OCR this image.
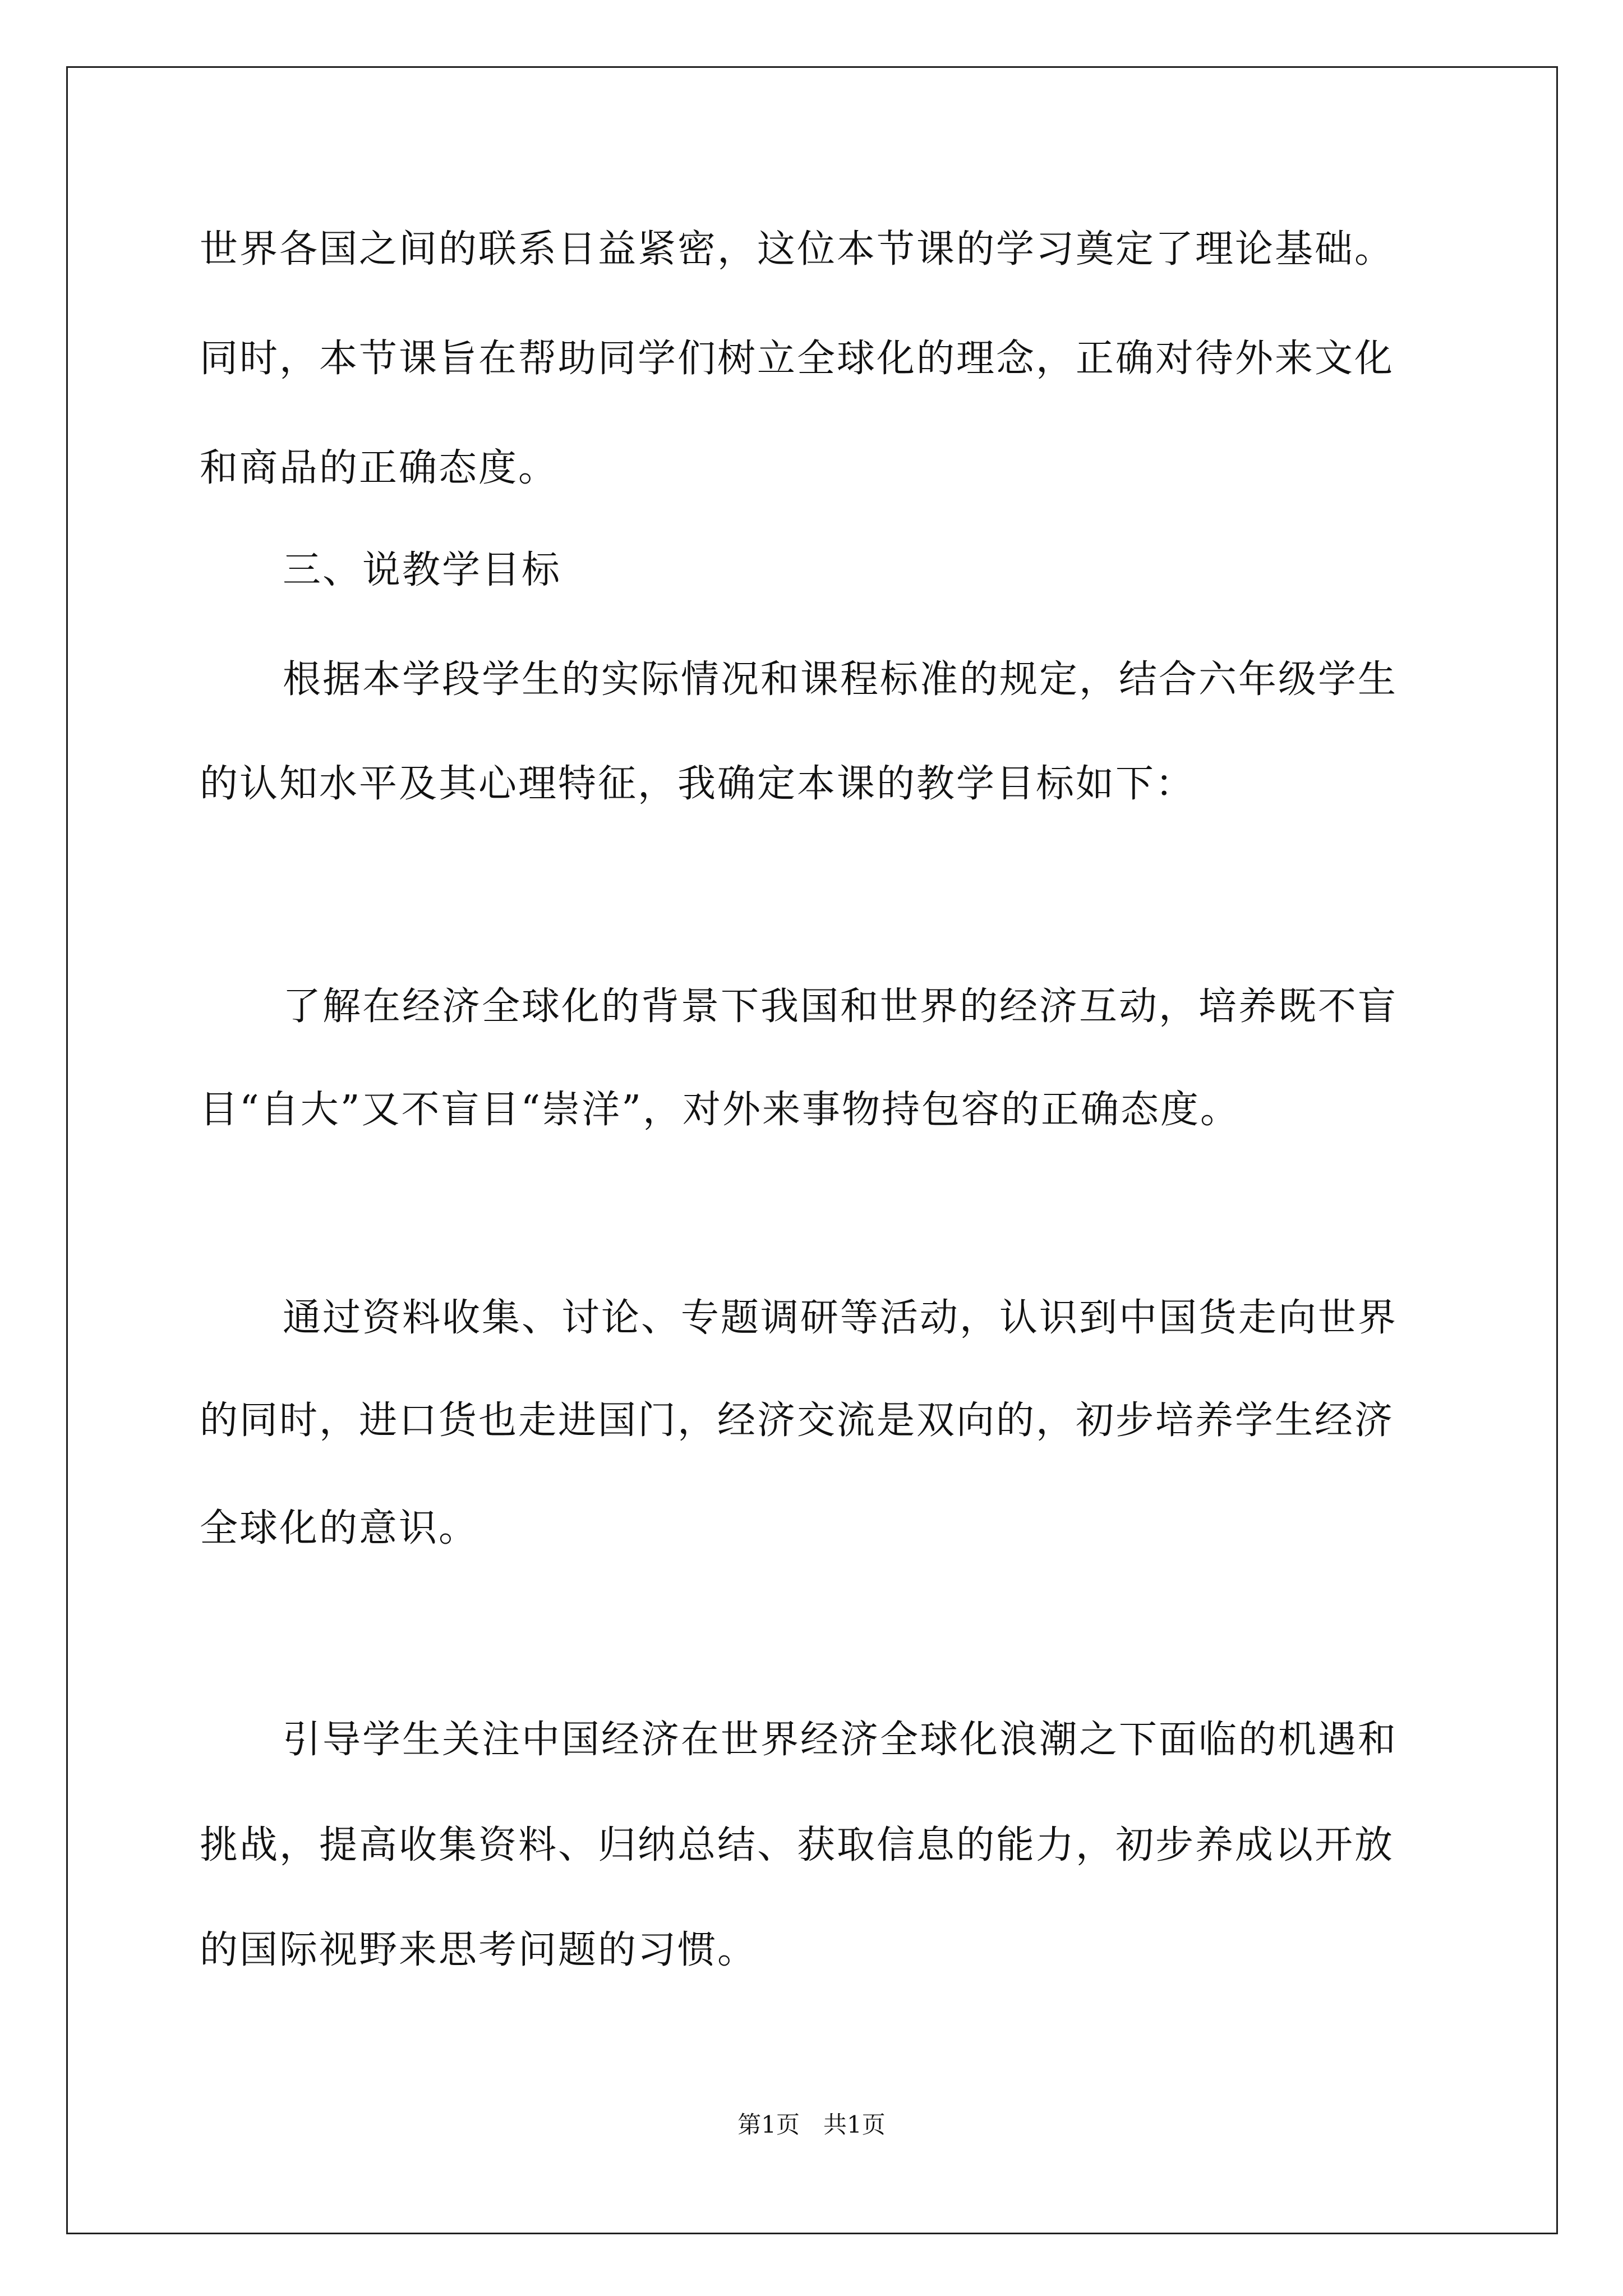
世界各国之间的联系日益紧密，这位本节课的学习奠定了理论基础。
同时，本节课旨在帮助同学们树立全球化的理念，正确对待外来文化
和商品的正确态度。
三、说教学目标
根据本学段学生的实际情况和课程标准的规定，结合六年级学生
的认知水平及其心理特征，我确定本课的教学目标如下：
了解在经济全球化的背景下我国和世界的经济互动，培养既不盲
目“自大”又不盲目“崇洋”，对外来事物持包容的正确态度。
通过资料收集、讨论、专题调研等活动，认识到中国货走向世界
的同时，进口货也走进国门，经济交流是双向的，初步培养学生经济
全球化的意识。
引导学生关注中国经济在世界经济全球化浪潮之下面临的机遇和
挑战，提高收集资料、归纳总结、获取信息的能力，初步养成以开放
的国际视野来思考问题的习惯。
第1页　共1页
